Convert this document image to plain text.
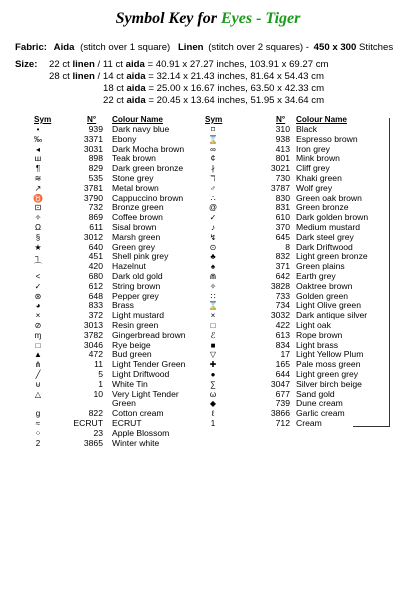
Symbol Key for Eyes - Tiger
Fabric: Aida (stitch over 1 square) Linen (stitch over 2 squares) - 450 x 300 Stitches
Size: 22 ct linen / 11 ct aida = 40.91 x 27.27 inches, 103.91 x 69.27 cm
28 ct linen / 14 ct aida = 32.14 x 21.43 inches, 81.64 x 54.43 cm
18 ct aida = 25.00 x 16.67 inches, 63.50 x 42.33 cm
22 ct aida = 20.45 x 13.64 inches, 51.95 x 34.64 cm
Sym	N° Colour Name	Sym	N° Colour Name
•	939 Dark navy blue
‰	3371 Ebony
◂	3031 Dark Mocha brown
ш	898 Teak brown
¶	829 Dark green bronze
≋	535 Stone grey
↗	3781 Metal brown
♉	3790 Cappuccino brown
⊡	732 Bronze green
✧	869 Coffee brown
Ω	611 Sisal brown
§	3012 Marsh green
★	640 Green grey
┐	451 Shell pink grey
⌒	420 Hazelnut
<	680 Dark old gold
✓	612 String brown
⊛	648 Pepper grey
◕	833 Brass
×	372 Light mustard
⊘	3013 Resin green
ɱ	3782 Gingerbread brown
□	3046 Rye beige
▲	472 Bud green
⋔	11 Light Tender Green
╱	5 Light Driftwood
⊍	1 White Tin
△	10 Very Light Tender Green
g	822 Cotton cream
≈	ECRUT ECRUT
⁘	23 Apple Blossom
2	3865 Winter white
⌑	310 Black
⌛	938 Espresso brown
∞	413 Iron grey
¢	801 Mink brown
∤	3021 Cliff grey
ℸ	730 Khaki green
♂	3787 Wolf grey
∴	830 Green oak brown
@	831 Green bronze
✓	610 Dark golden brown
♪	370 Medium mustard
↯	645 Dark steel grey
⊙	8 Dark Driftwood
♣	832 Light green bronze
♠	371 Green plains
⋒	642 Earth grey
✧	3828 Oaktree brown
∷	733 Golden green
⌛	734 Light Olive green
×	3032 Dark antique silver
□	422 Light oak
ℰ	613 Rope brown
■	834 Light brass
▽	17 Light Yellow Plum
✚	165 Pale moss green
●	644 Light green grey
∑	3047 Silver birch beige
ω	677 Sand gold
◆	739 Dune cream
ℓ	3866 Garlic cream
1	712 Cream
